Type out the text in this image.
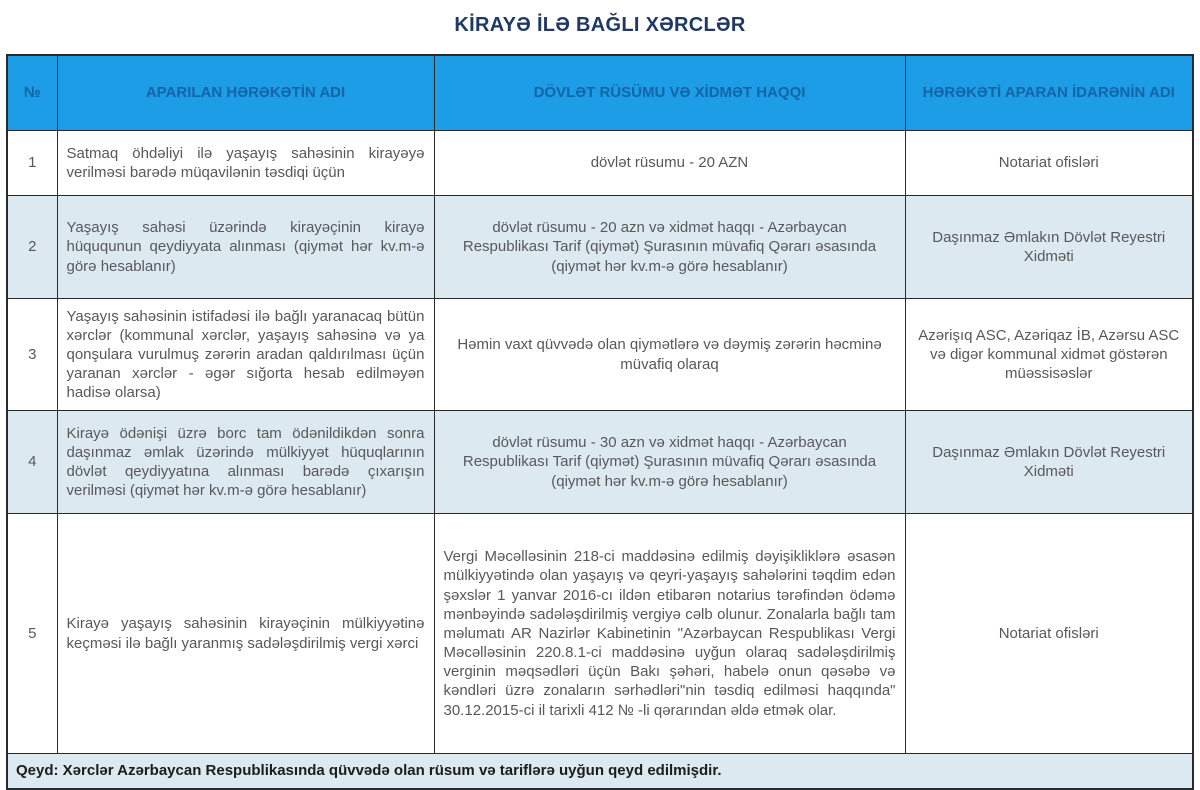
KİRAYƏ İLƏ BAĞLI XƏRCLƏR
№	APARILAN HƏRƏKƏTİN ADI	DÖVLƏT RÜSÜMU VƏ XİDMƏT HAQQI	HƏRƏKƏTİ APARAN İDARƏNİN ADI
1	Satmaq öhdəliyi ilə yaşayış sahəsinin kirayəyə verilməsi barədə müqavilənin təsdiqi üçün	dövlət rüsumu - 20 AZN	Notariat ofisləri
2	Yaşayış sahəsi üzərində kirayəçinin kirayə hüququnun qeydiyyata alınması (qiymət hər kv.m-ə görə hesablanır)	dövlət rüsumu - 20 azn və xidmət haqqı - Azərbaycan Respublikası Tarif (qiymət) Şurasının müvafiq Qərarı əsasında (qiymət hər kv.m-ə görə hesablanır)	Daşınmaz Əmlakın Dövlət Reyestri Xidməti
3	Yaşayış sahəsinin istifadəsi ilə bağlı yaranacaq bütün xərclər (kommunal xərclər, yaşayış sahəsinə və ya qonşulara vurulmuş zərərin aradan qaldırılması üçün yaranan xərclər - əgər sığorta hesab edilməyən hadisə olarsa)	Həmin vaxt qüvvədə olan qiymətlərə və dəymiş zərərin həcminə müvafiq olaraq	Azərişıq ASC, Azəriqaz İB, Azərsu ASC və digər kommunal xidmət göstərən müəssisəslər
4	Kirayə ödənişi üzrə borc tam ödənildikdən sonra daşınmaz əmlak üzərində mülkiyyət hüquqlarının dövlət qeydiyyatına alınması barədə çıxarışın verilməsi (qiymət hər kv.m-ə görə hesablanır)	dövlət rüsumu - 30 azn və xidmət haqqı - Azərbaycan Respublikası Tarif (qiymət) Şurasının müvafiq Qərarı əsasında (qiymət hər kv.m-ə görə hesablanır)	Daşınmaz Əmlakın Dövlət Reyestri Xidməti
5	Kirayə yaşayış sahəsinin kirayəçinin mülkiyyətinə keçməsi ilə bağlı yaranmış sadələşdirilmiş vergi xərci	Vergi Məcəlləsinin 218-ci maddəsinə edilmiş dəyişikliklərə əsasən mülkiyyətində olan yaşayış və qeyri-yaşayış sahələrini təqdim edən şəxslər 1 yanvar 2016-cı ildən etibarən notarius tərəfindən ödəmə mənbəyində sadələşdirilmiş vergiyə cəlb olunur. Zonalarla bağlı tam məlumatı AR Nazirlər Kabinetinin "Azərbaycan Respublikası Vergi Məcəlləsinin 220.8.1-ci maddəsinə uyğun olaraq sadələşdirilmiş verginin məqsədləri üçün Bakı şəhəri, habelə onun qəsəbə və kəndləri üzrə zonaların sərhədləri"nin təsdiq edilməsi haqqında" 30.12.2015-ci il tarixli 412 № -li qərarından əldə etmək olar.	Notariat ofisləri
Qeyd: Xərclər Azərbaycan Respublikasında qüvvədə olan rüsum və tariflərə uyğun qeyd edilmişdir.			
